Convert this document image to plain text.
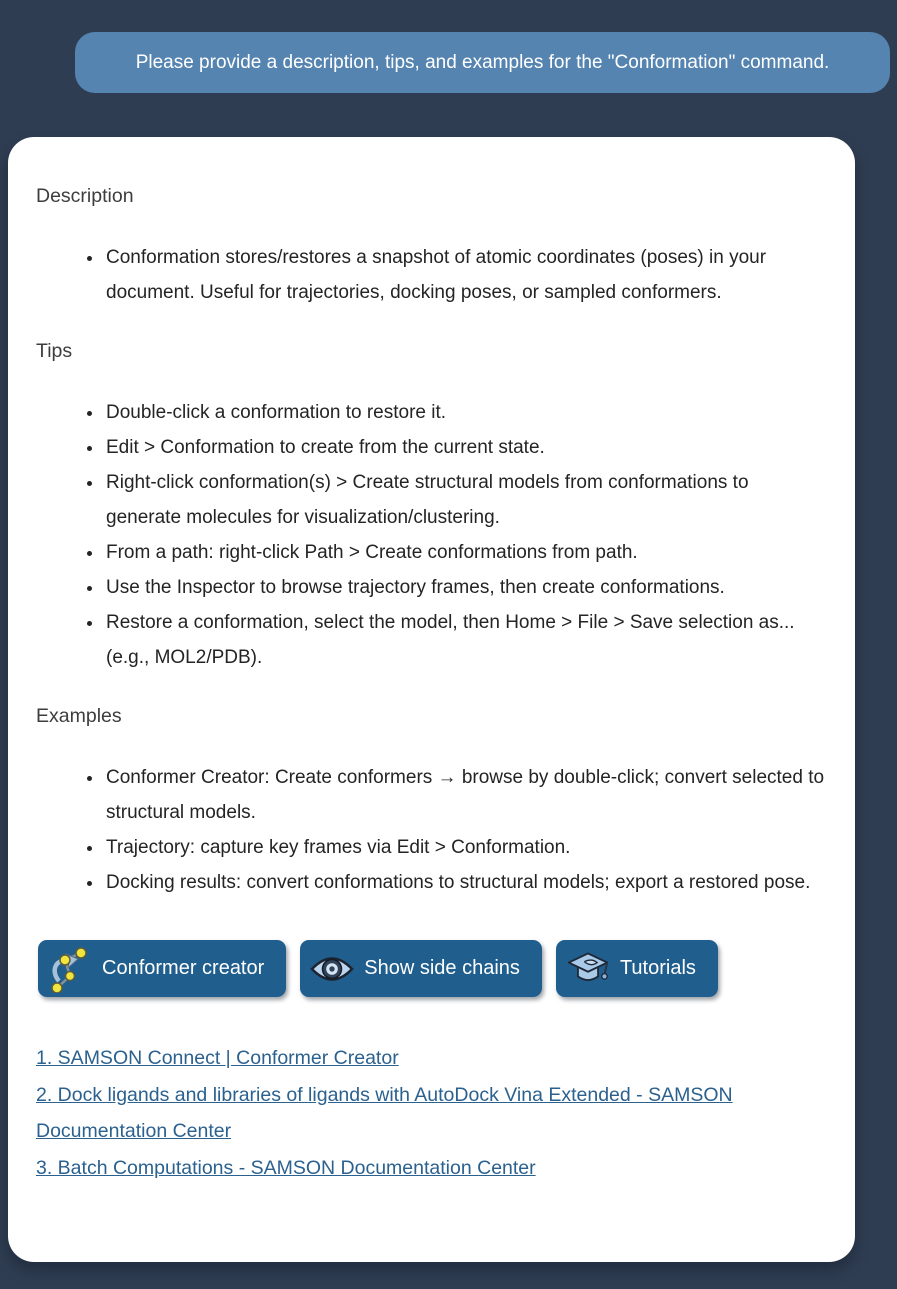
Please provide a description, tips, and examples for the "Conformation" command.
Description
• Conformation stores/restores a snapshot of atomic coordinates (poses) in your document. Useful for trajectories, docking poses, or sampled conformers.
Tips
• Double-click a conformation to restore it.
• Edit > Conformation to create from the current state.
• Right-click conformation(s) > Create structural models from conformations to generate molecules for visualization/clustering.
• From a path: right-click Path > Create conformations from path.
• Use the Inspector to browse trajectory frames, then create conformations.
• Restore a conformation, select the model, then Home > File > Save selection as... (e.g., MOL2/PDB).
Examples
• Conformer Creator: Create conformers → browse by double-click; convert selected to structural models.
• Trajectory: capture key frames via Edit > Conformation.
• Docking results: convert conformations to structural models; export a restored pose.
Conformer creator	Show side chains	Tutorials
1. SAMSON Connect | Conformer Creator
2. Dock ligands and libraries of ligands with AutoDock Vina Extended - SAMSON Documentation Center
3. Batch Computations - SAMSON Documentation Center
